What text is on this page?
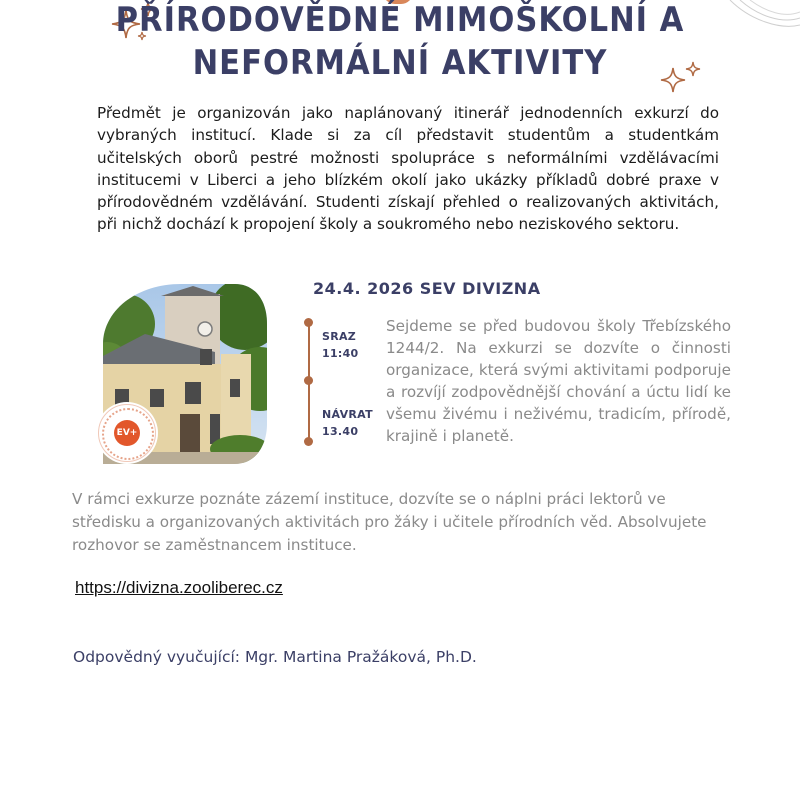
PŘÍRODOVĚDNÉ MIMOŠKOLNÍ A
NEFORMÁLNÍ AKTIVITY
Předmět je organizován jako naplánovaný itinerář jednodenních exkurzí do vybraných institucí. Klade si za cíl představit studentům a studentkám učitelských oborů pestré možnosti spolupráce s neformálními vzdělávacími institucemi v Liberci a jeho blízkém okolí jako ukázky příkladů dobré praxe v přírodovědném vzdělávání. Studenti získají přehled o realizovaných aktivitách, při nichž dochází k propojení školy a soukromého nebo neziskového sektoru.
EV+
24.4. 2026 SEV DIVIZNA
SRAZ
11:40
NÁVRAT
13.40
Sejdeme se před budovou školy Třebízského 1244/2. Na exkurzi se dozvíte o činnosti organizace, která svými aktivitami podporuje a rozvíjí zodpovědnější chování a úctu lidí ke všemu živému i neživému, tradicím, přírodě, krajině i planetě.
V rámci exkurze poznáte zázemí instituce, dozvíte se o náplni práci lektorů ve středisku a organizovaných aktivitách pro žáky i učitele přírodních věd. Absolvujete rozhovor se zaměstnancem instituce.
https://divizna.zooliberec.cz
Odpovědný vyučující: Mgr. Martina Pražáková, Ph.D.
